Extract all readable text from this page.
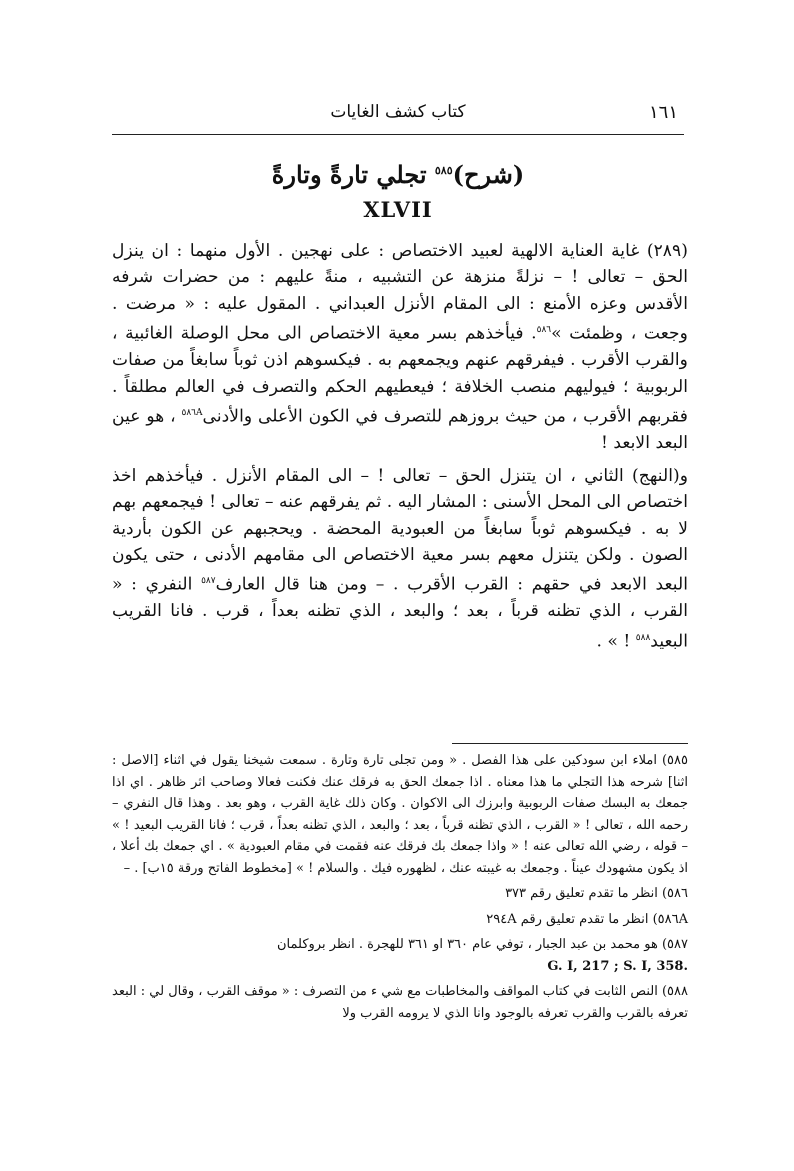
١٦١
كتاب كشف الغايات
(شرح)$^{٥٨٥}$ تجلي تارةً وتارةً
XLVII

(٢٨٩) غاية العناية الالهية لعبيد الاختصاص : على نهجين . الأول منهما : ان ينزل الحق – تعالى ! – نزلةً منزهة عن التشبيه ، منةً عليهم : من حضرات شرفه الأقدس وعزه الأمنع : الى المقام الأنزل العبداني . المقول عليه : « مرضت . وجعت ، وظمئت »$^{٥٨٦}$. فيأخذهم بسر معية الاختصاص الى محل الوصلة الغائبية ، والقرب الأقرب . فيفرقهم عنهم ويجمعهم به . فيكسوهم اذن ثوباً سابغاً من صفات الربوبية ؛ فيوليهم منصب الخلافة ؛ فيعطيهم الحكم والتصرف في العالم مطلقاً . فقربهم الأقرب ، من حيث بروزهم للتصرف في الكون الأعلى والأدنى$^{٥٨٦A}$ ، هو عين البعد الابعد !

و(النهج) الثاني ، ان يتنزل الحق – تعالى ! – الى المقام الأنزل . فيأخذهم اخذ اختصاص الى المحل الأسنى : المشار اليه . ثم يفرقهم عنه – تعالى ! فيجمعهم بهم لا به . فيكسوهم ثوباً سابغاً من العبودية المحضة . ويحجبهم عن الكون بأردية الصون . ولكن يتنزل معهم بسر معية الاختصاص الى مقامهم الأدنى ، حتى يكون البعد الابعد في حقهم : القرب الأقرب . – ومن هنا قال العارف$^{٥٨٧}$ النفري : « القرب ، الذي تظنه قرباً ، بعد ؛ والبعد ، الذي تظنه بعداً ، قرب . فانا القريب البعيد$^{٥٨٨}$ ! » .

٥٨٥) املاء ابن سودكين على هذا الفصل . « ومن تجلى تارة وتارة . سمعت شيخنا يقول في اثناء [الاصل : اثنا] شرحه هذا التجلي ما هذا معناه . اذا جمعك الحق به فرقك عنك فكنت فعالا وصاحب اثر ظاهر . اي اذا جمعك به البسك صفات الربوبية وابرزك الى الاكوان . وكان ذلك غاية القرب ، وهو بعد . وهذا قال النفري – رحمه الله ، تعالى ! « القرب ، الذي تظنه قرباً ، بعد ؛ والبعد ، الذي تظنه بعداً ، قرب ؛ فانا القريب البعيد ! » – قوله ، رضي الله تعالى عنه ! « واذا جمعك بك فرقك عنه فقمت في مقام العبودية » . اي جمعك بك أعلا ، اذ يكون مشهودك عيناً . وجمعك به غيبته عنك ، لظهوره فيك . والسلام ! » [مخطوط الفاتح ورقة ١٥ب] . –

٥٨٦) انظر ما تقدم تعليق رقم ٣٧٣

٥٨٦A) انظر ما تقدم تعليق رقم ٢٩٤A

٥٨٧) هو محمد بن عبد الجبار ، توفي عام ٣٦٠ او ٣٦١ للهجرة . انظر بروكلمان
G. I, 217 ; S. I, 358.

٥٨٨) النص الثابت في كتاب المواقف والمخاطبات مع شي ء من التصرف : « موقف القرب ، وقال لي : البعد تعرفه بالقرب والقرب تعرفه بالوجود وانا الذي لا يرومه القرب ولا
